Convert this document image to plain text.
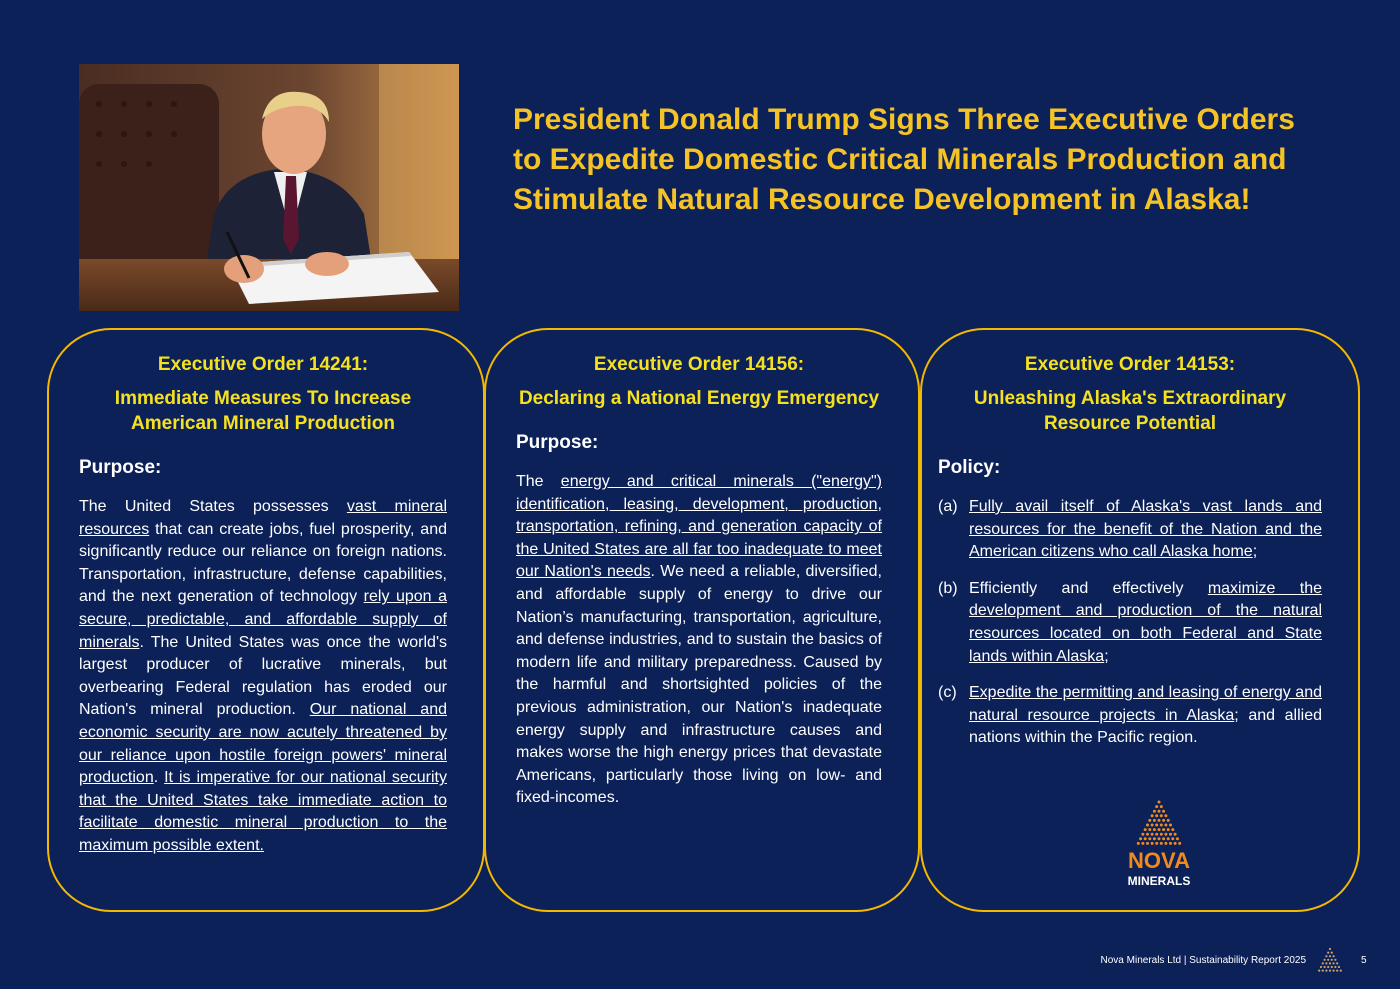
President Donald Trump Signs Three Executive Orders to Expedite Domestic Critical Minerals Production and Stimulate Natural Resource Development in Alaska!

Executive Order 14241:

Immediate Measures To Increase American Mineral Production

Purpose:

The United States possesses vast mineral resources that can create jobs, fuel prosperity, and significantly reduce our reliance on foreign nations. Transportation, infrastructure, defense capabilities, and the next generation of technology rely upon a secure, predictable, and affordable supply of minerals. The United States was once the world's largest producer of lucrative minerals, but overbearing Federal regulation has eroded our Nation's mineral production. Our national and economic security are now acutely threatened by our reliance upon hostile foreign powers' mineral production. It is imperative for our national security that the United States take immediate action to facilitate domestic mineral production to the maximum possible extent.

Executive Order 14156:

Declaring a National Energy Emergency

Purpose:

The energy and critical minerals ("energy") identification, leasing, development, production, transportation, refining, and generation capacity of the United States are all far too inadequate to meet our Nation's needs. We need a reliable, diversified, and affordable supply of energy to drive our Nation’s manufacturing, transportation, agriculture, and defense industries, and to sustain the basics of modern life and military preparedness. Caused by the harmful and shortsighted policies of the previous administration, our Nation's inadequate energy supply and infrastructure causes and makes worse the high energy prices that devastate Americans, particularly those living on low- and fixed-incomes.

Executive Order 14153:

Unleashing Alaska's Extraordinary Resource Potential

Policy:

(a) Fully avail itself of Alaska's vast lands and resources for the benefit of the Nation and the American citizens who call Alaska home;
(b) Efficiently and effectively maximize the development and production of the natural resources located on both Federal and State lands within Alaska;
(c) Expedite the permitting and leasing of energy and natural resource projects in Alaska; and allied nations within the Pacific region.
NOVA
MINERALS
Nova Minerals Ltd | Sustainability Report 2025	5
